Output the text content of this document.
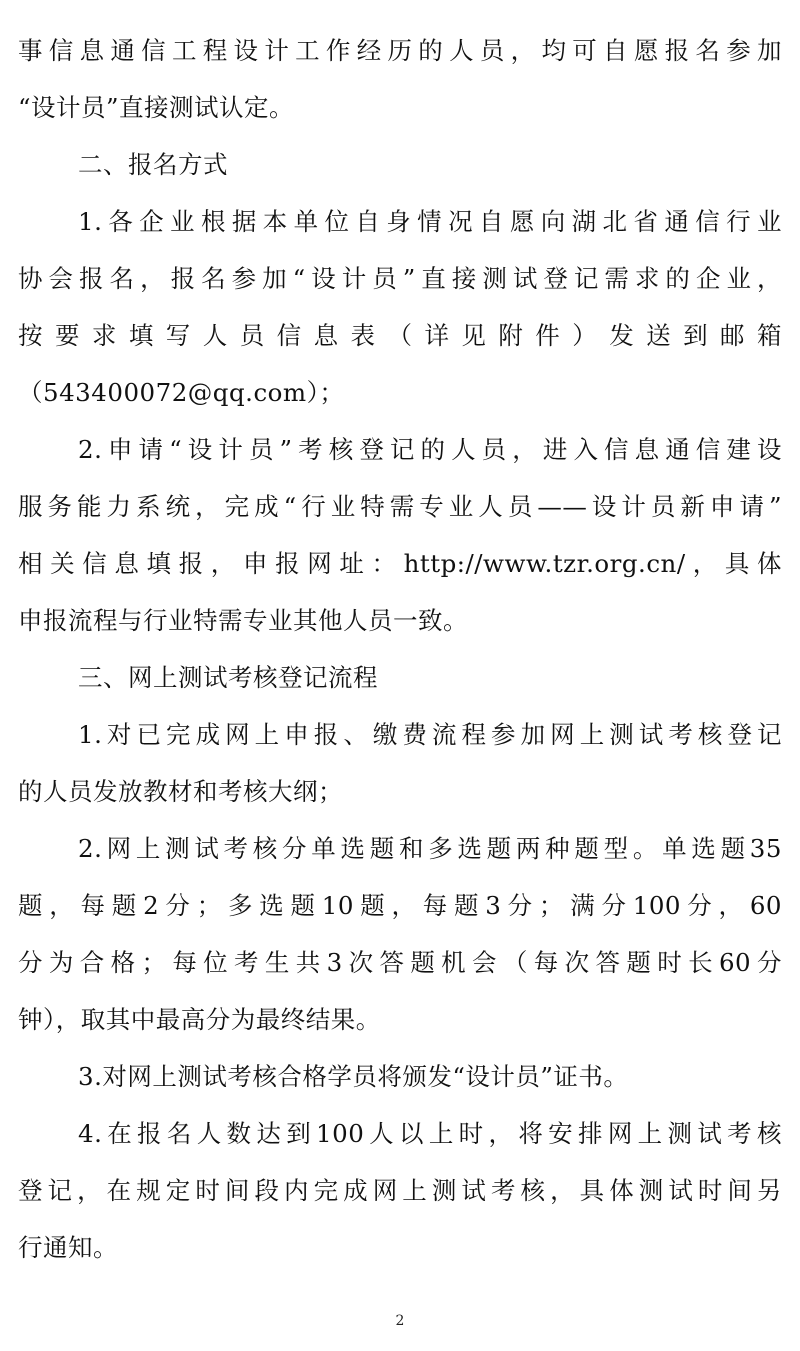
事信息通信工程设计工作经历的人员，均可自愿报名参加
“设计员”直接测试认定。
二、报名方式
1.各企业根据本单位自身情况自愿向湖北省通信行业
协会报名，报名参加“设计员”直接测试登记需求的企业，
按要求填写人员信息表（详见附件）发送到邮箱
（543400072@qq.com）；
2.申请“设计员”考核登记的人员，进入信息通信建设
服务能力系统，完成“行业特需专业人员——设计员新申请”
相关信息填报，申报网址：http://www.tzr.org.cn/，具体
申报流程与行业特需专业其他人员一致。
三、网上测试考核登记流程
1.对已完成网上申报、缴费流程参加网上测试考核登记
的人员发放教材和考核大纲；
2.网上测试考核分单选题和多选题两种题型。单选题35
题，每题2分；多选题10题，每题3分；满分100分，60
分为合格；每位考生共3次答题机会（每次答题时长60分
钟），取其中最高分为最终结果。
3.对网上测试考核合格学员将颁发“设计员”证书。
4.在报名人数达到100人以上时，将安排网上测试考核
登记，在规定时间段内完成网上测试考核，具体测试时间另
行通知。
2
